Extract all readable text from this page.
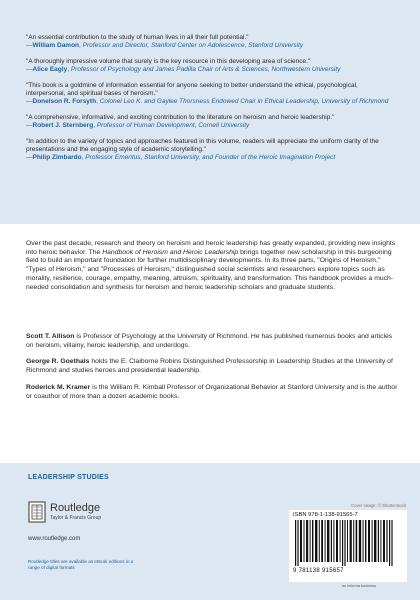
"An essential contribution to the study of human lives in all their full potential."
—William Damon, Professor and Director, Stanford Center on Adolescence, Stanford University
"A thoroughly impressive volume that surely is the key resource in this developing area of science."
—Alice Eagly, Professor of Psychology and James Padilla Chair of Arts & Sciences, Northwestern University
"This book is a goldmine of information essential for anyone seeking to better understand the ethical, psychological, interpersonal, and spiritual bases of heroism."
—Donelson R. Forsyth, Colonel Leo K. and Gaylee Thorsness Endowed Chair in Ethical Leadership, University of Richmond
"A comprehensive, informative, and exciting contribution to the literature on heroism and heroic leadership."
—Robert J. Sternberg, Professor of Human Development, Cornell University
"In addition to the variety of topics and approaches featured in this volume, readers will appreciate the uniform clarity of the presentations and the engaging style of academic storytelling."
—Philip Zimbardo, Professor Emeritus, Stanford University, and Founder of the Heroic Imagination Project

Over the past decade, research and theory on heroism and heroic leadership has greatly expanded, providing new insights into heroic behavior. The Handbook of Heroism and Heroic Leadership brings together new scholarship in this burgeoning field to build an important foundation for further multidisciplinary developments. In its three parts, "Origins of Heroism," "Types of Heroism," and "Processes of Heroism," distinguished social scientists and researchers explore topics such as morality, resilience, courage, empathy, meaning, altruism, spirituality, and transformation. This handbook provides a much-needed consolidation and synthesis for heroism and heroic leadership scholars and graduate students.

Scott T. Allison is Professor of Psychology at the University of Richmond. He has published numerous books and articles on heroism, villainy, heroic leadership, and underdogs.

George R. Goethals holds the E. Claiborne Robins Distinguished Professorship in Leadership Studies at the University of Richmond and studies heroes and presidential leadership.

Roderick M. Kramer is the William R. Kimball Professor of Organizational Behavior at Stanford University and is the author or coauthor of more than a dozen academic books.

LEADERSHIP STUDIES
Routledge
Taylor & Francis Group
www.routledge.com
Routledge titles are available as eBook editions in a range of digital formats
Cover image: © Shutterstock
ISBN 978-1-138-91565-7
9 781138 915657
an informa business
